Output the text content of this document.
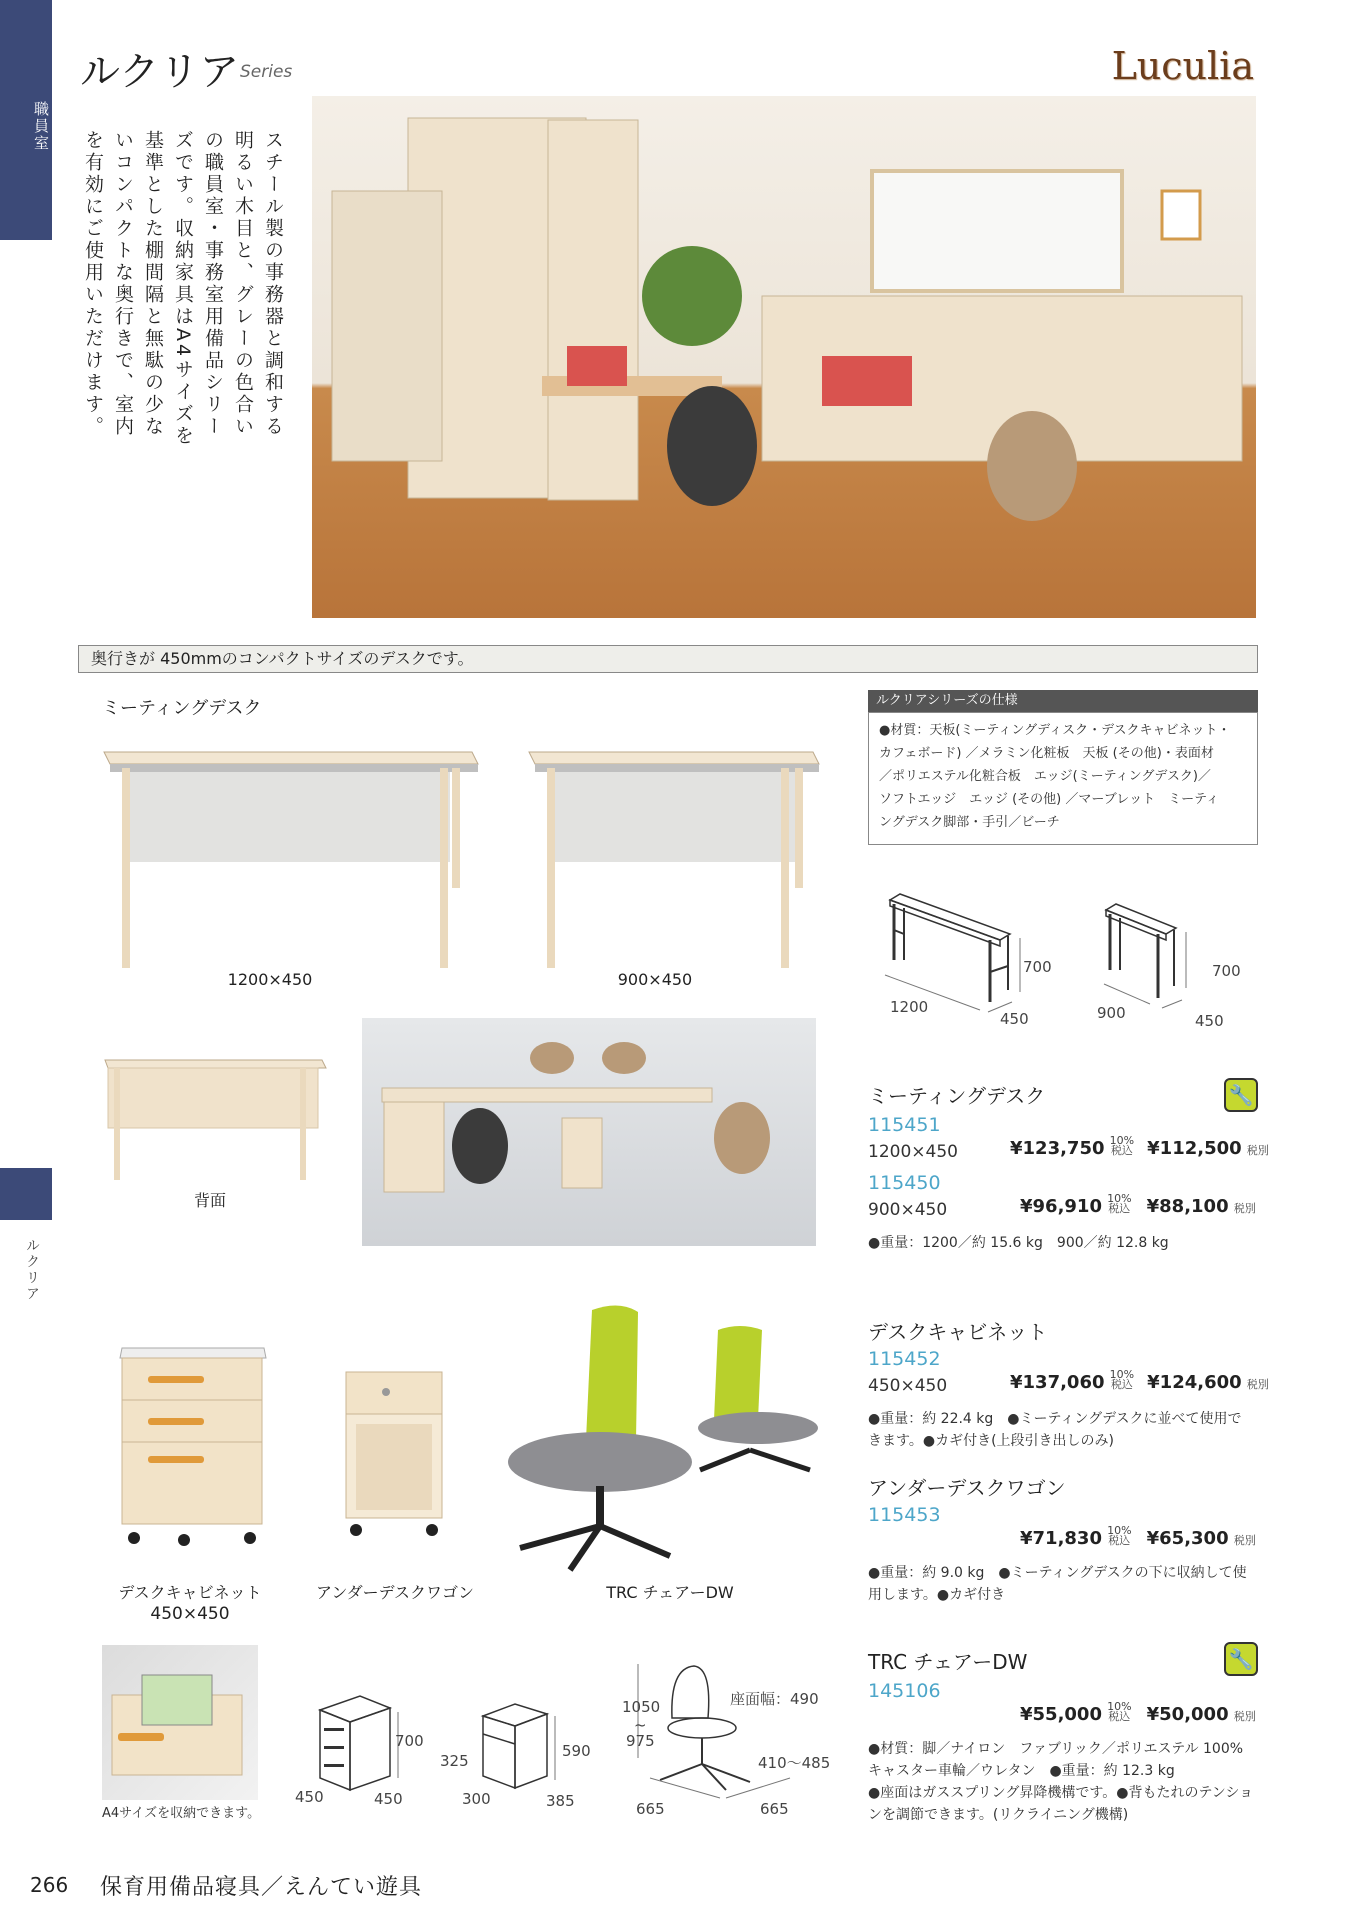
職員室
ルクリア
ルクリア Series	Luculia
スチール製の事務器と調和する明るい木目と、グレーの色合いの職員室・事務室用備品シリーズです。収納家具はA4サイズを基準とした棚間隔と無駄の少ないコンパクトな奥行きで、室内を有効にご使用いただけます。
奥行きが 450mmのコンパクトサイズのデスクです。
ミーティングデスク
1200×450	900×450
背面
ルクリアシリーズの仕様
●材質：天板(ミーティングディスク・デスクキャビネット・
カフェボード) ／メラミン化粧板　天板 (その他)・表面材
／ポリエステル化粧合板　エッジ(ミーティングデスク)／
ソフトエッジ　エッジ (その他) ／マーブレット　ミーティ
ングデスク脚部・手引／ビーチ
700
1200
450
700
900	450
ミーティングデスク	🔧
115451
1200×450	¥123,750 10%
税込 ¥112,500 税別
115450
900×450	¥96,910 10%
税込 ¥88,100 税別
●重量：1200／約 15.6 kg　900／約 12.8 kg
デスクキャビネット
115452
450×450	¥137,060 10%
税込 ¥124,600 税別
●重量：約 22.4 kg　●ミーティングデスクに並べて使用で
きます。●カギ付き(上段引き出しのみ)
アンダーデスクワゴン
115453
¥71,830 10%
税込 ¥65,300 税別
●重量：約 9.0 kg　●ミーティングデスクの下に収納して使
用します。●カギ付き
TRC チェアーDW	🔧
145106
¥55,000 10%
税込 ¥50,000 税別
●材質：脚／ナイロン　ファブリック／ポリエステル 100%
キャスター車輪／ウレタン　●重量：約 12.3 kg
●座面はガススプリング昇降機構です。●背もたれのテンショ
ンを調節できます。(リクライニング機構)
デスクキャビネット
450×450
アンダーデスクワゴン	TRC チェアーDW
A4サイズを収納できます。
700
450	450
590
325
300	385
1050
~
975
座面幅：490
410〜485
665	665
266 保育用備品寝具／えんてい遊具
